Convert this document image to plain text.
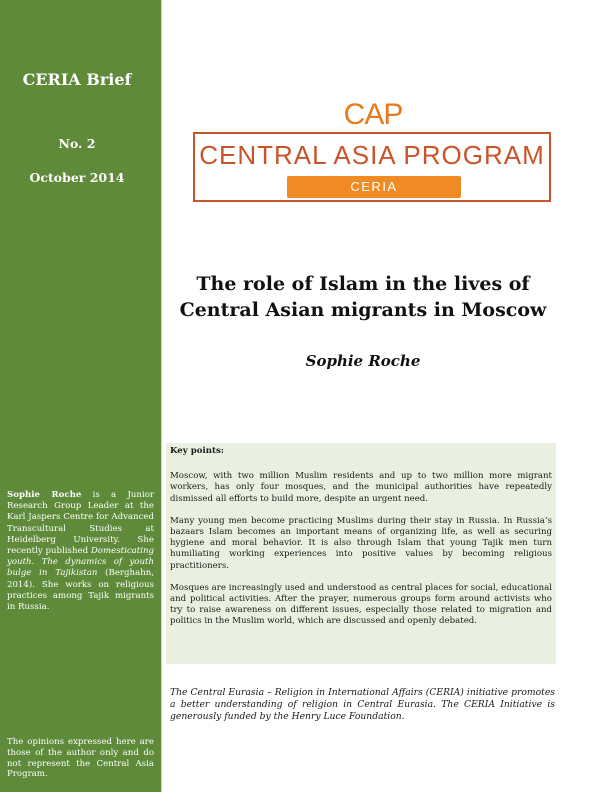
CERIA Brief
No. 2
October 2014
Sophie Roche is a Junior Research Group Leader at the Karl Jaspers Centre for Advanced Transcultural Studies at Heidelberg University. She recently published Domesticating youth. The dynamics of youth bulge in Tajikistan (Berghahn, 2014). She works on religious practices among Tajik migrants in Russia.
The opinions expressed here are those of the author only and do not represent the Central Asia Program.
CAP
CENTRAL ASIA PROGRAM
CERIA
The role of Islam in the lives of
Central Asian migrants in Moscow
Sophie Roche
Key points:

Moscow, with two million Muslim residents and up to two million more migrant workers, has only four mosques, and the municipal authorities have repeatedly dismissed all efforts to build more, despite an urgent need.

Many young men become practicing Muslims during their stay in Russia. In Russia’s bazaars Islam becomes an important means of organizing life, as well as securing hygiene and moral behavior. It is also through Islam that young Tajik men turn humiliating working experiences into positive values by becoming religious practitioners.

Mosques are increasingly used and understood as central places for social, educational and political activities. After the prayer, numerous groups form around activists who try to raise awareness on different issues, especially those related to migration and politics in the Muslim world, which are discussed and openly debated.

The Central Eurasia – Religion in International Affairs (CERIA) initiative promotes a better understanding of religion in Central Eurasia. The CERIA Initiative is generously funded by the Henry Luce Foundation.
